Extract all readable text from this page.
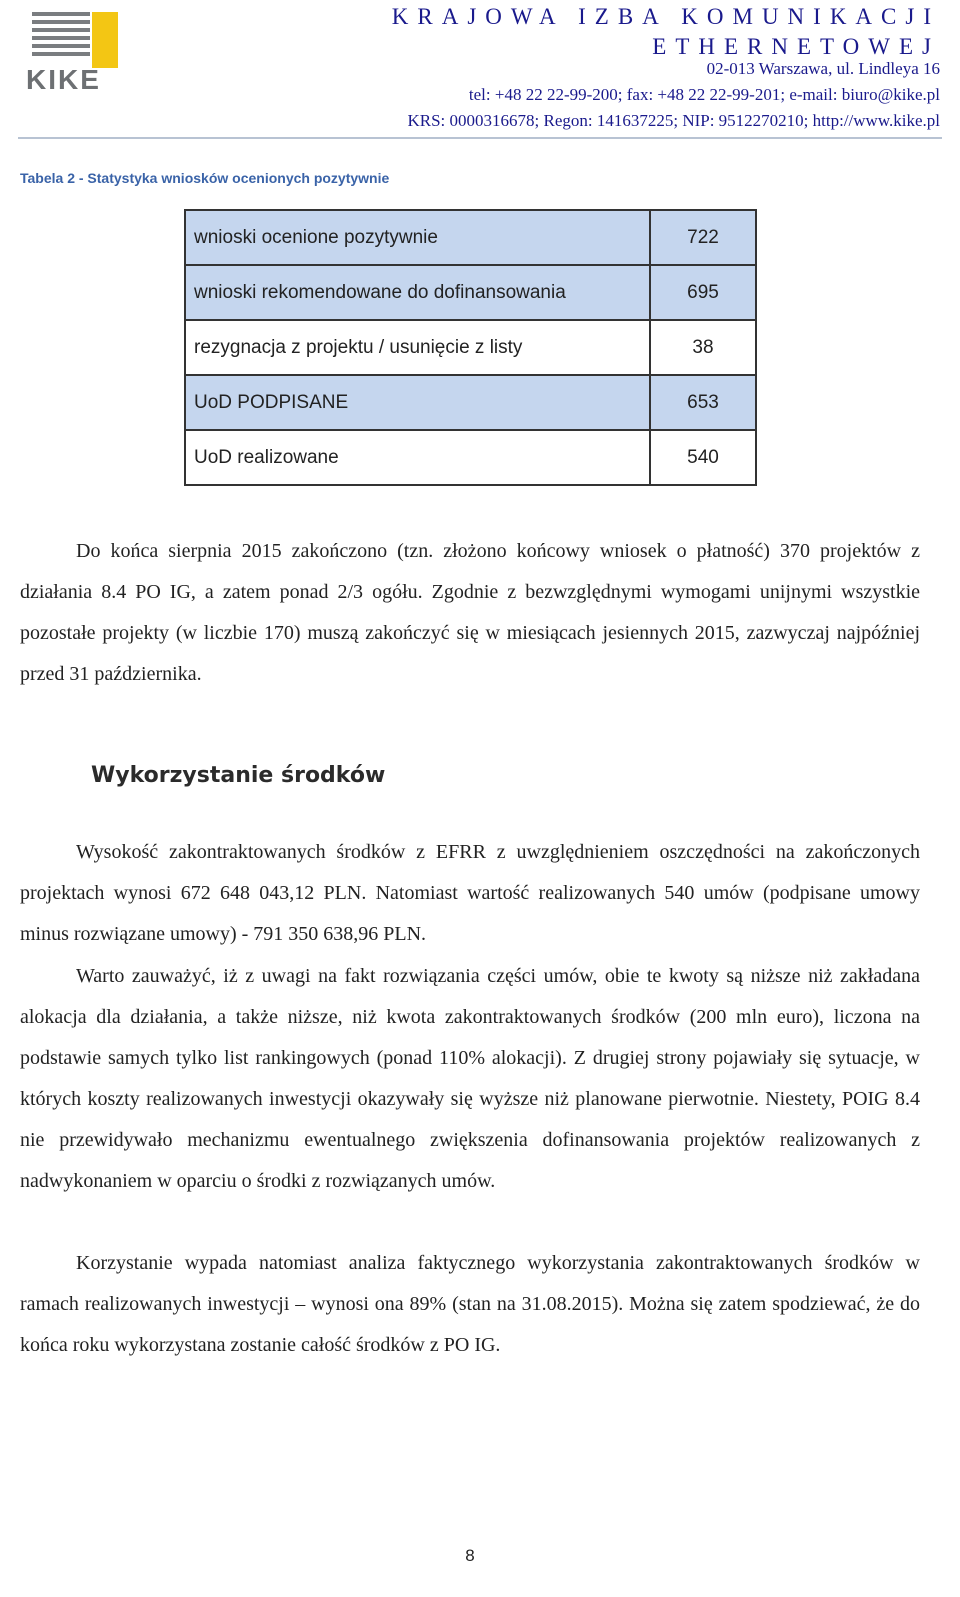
KIKE
KRAJOWA IZBA KOMUNIKACJI ETHERNETOWEJ
02-013 Warszawa, ul. Lindleya 16
tel: +48 22 22-99-200; fax: +48 22 22-99-201; e-mail: biuro@kike.pl
KRS: 0000316678; Regon: 141637225; NIP: 9512270210; http://www.kike.pl
Tabela 2 - Statystyka wniosków ocenionych pozytywnie
wnioski ocenione pozytywnie	722
wnioski rekomendowane do dofinansowania	695
rezygnacja z projektu / usunięcie z listy	38
UoD PODPISANE	653
UoD realizowane	540
Do końca sierpnia 2015 zakończono (tzn. złożono końcowy wniosek o płatność) 370 projektów z działania 8.4 PO IG, a zatem ponad 2/3 ogółu. Zgodnie z bezwzględnymi wymogami unijnymi wszystkie pozostałe projekty (w liczbie 170) muszą zakończyć się w miesiącach jesiennych 2015, zazwyczaj najpóźniej przed 31 października.
Wykorzystanie środków
Wysokość zakontraktowanych środków z EFRR z uwzględnieniem oszczędności na zakończonych projektach wynosi 672 648 043,12 PLN. Natomiast wartość realizowanych 540 umów (podpisane umowy minus rozwiązane umowy) - 791 350 638,96 PLN.
Warto zauważyć, iż z uwagi na fakt rozwiązania części umów, obie te kwoty są niższe niż zakładana alokacja dla działania, a także niższe, niż kwota zakontraktowanych środków (200 mln euro), liczona na podstawie samych tylko list rankingowych (ponad 110% alokacji). Z drugiej strony pojawiały się sytuacje, w których koszty realizowanych inwestycji okazywały się wyższe niż planowane pierwotnie. Niestety, POIG 8.4 nie przewidywało mechanizmu ewentualnego zwiększenia dofinansowania projektów realizowanych z nadwykonaniem w oparciu o środki z rozwiązanych umów.
Korzystanie wypada natomiast analiza faktycznego wykorzystania zakontraktowanych środków w ramach realizowanych inwestycji – wynosi ona 89% (stan na 31.08.2015). Można się zatem spodziewać, że do końca roku wykorzystana zostanie całość środków z PO IG.
8
